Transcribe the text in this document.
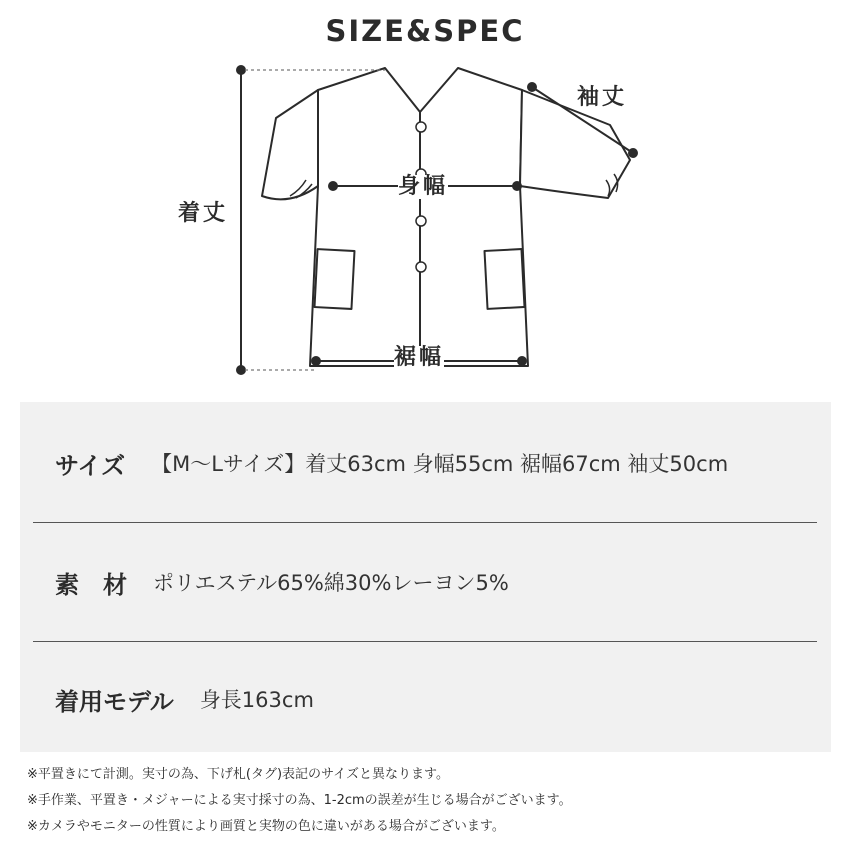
SIZE&SPEC
着丈
身幅
裾幅
袖丈
サイズ 【M〜Lサイズ】着丈63cm 身幅55cm 裾幅67cm 袖丈50cm
素　材 ポリエステル65%綿30%レーヨン5%
着用モデル 身長163cm
※平置きにて計測。実寸の為、下げ札(タグ)表記のサイズと異なります。
※手作業、平置き・メジャーによる実寸採寸の為、1-2cmの誤差が生じる場合がございます。
※カメラやモニターの性質により画質と実物の色に違いがある場合がございます。
